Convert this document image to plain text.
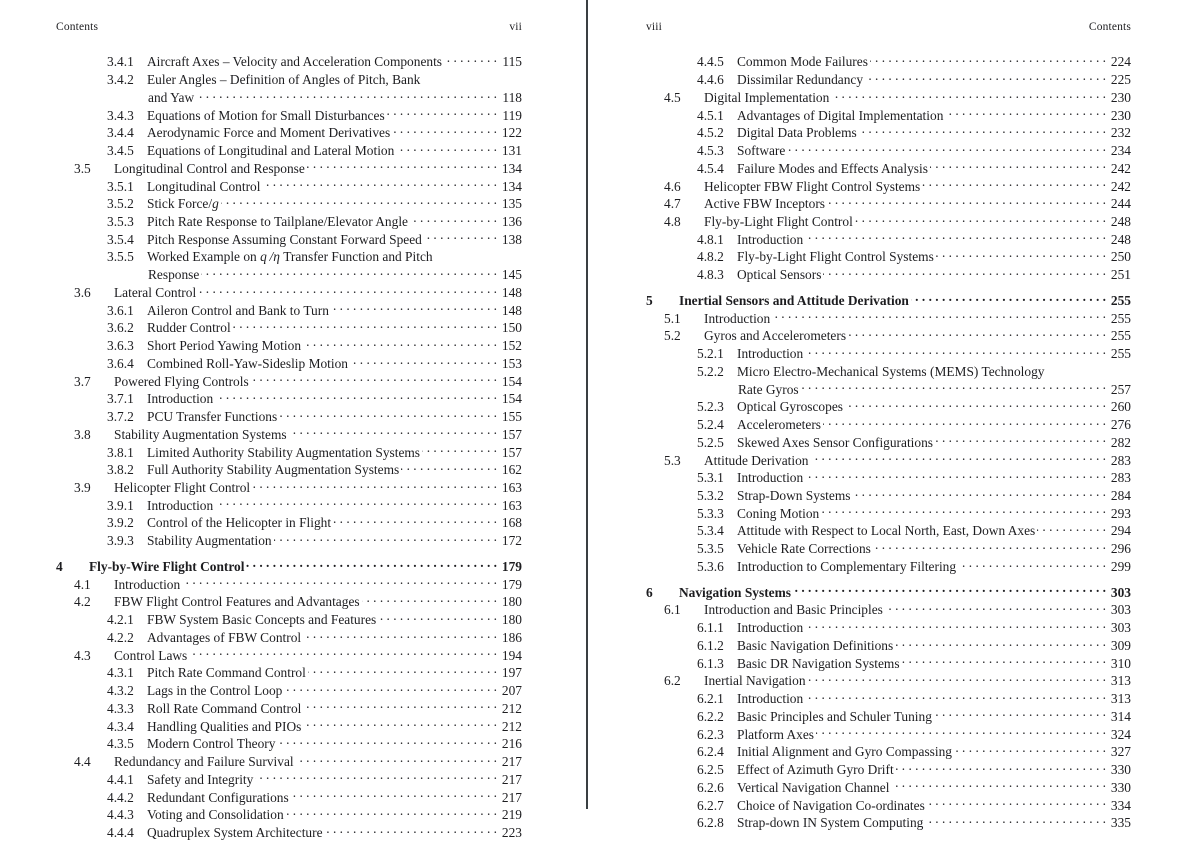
Contents	vii
3.4.1 Aircraft Axes – Velocity and Acceleration Components . . .	115
3.4.2 Euler Angles – Definition of Angles of Pitch, Bank
and Yaw . . .	118
3.4.3 Equations of Motion for Small Disturbances . . .	119
3.4.4 Aerodynamic Force and Moment Derivatives . . .	122
3.4.5 Equations of Longitudinal and Lateral Motion . . .	131
3.5	Longitudinal Control and Response . . .	134
3.5.1 Longitudinal Control . . .	134
3.5.2 Stick Force/g . . .	135
3.5.3 Pitch Rate Response to Tailplane/Elevator Angle . . .	136
3.5.4 Pitch Response Assuming Constant Forward Speed . . .	138
3.5.5 Worked Example on q /η Transfer Function and Pitch
Response . . .	145
3.6	Lateral Control . . .	148
3.6.1 Aileron Control and Bank to Turn . . .	148
3.6.2 Rudder Control . . .	150
3.6.3 Short Period Yawing Motion . . .	152
3.6.4 Combined Roll-Yaw-Sideslip Motion . . .	153
3.7	Powered Flying Controls . . .	154
3.7.1 Introduction . . .	154
3.7.2 PCU Transfer Functions . . .	155
3.8	Stability Augmentation Systems . . .	157
3.8.1 Limited Authority Stability Augmentation Systems . . .	157
3.8.2 Full Authority Stability Augmentation Systems . . .	162
3.9	Helicopter Flight Control . . .	163
3.9.1 Introduction . . .	163
3.9.2 Control of the Helicopter in Flight . . .	168
3.9.3 Stability Augmentation . . .	172
4	Fly-by-Wire Flight Control . . .	179
4.1	Introduction . . .	179
4.2	FBW Flight Control Features and Advantages . . .	180
4.2.1 FBW System Basic Concepts and Features . . .	180
4.2.2 Advantages of FBW Control . . .	186
4.3	Control Laws . . .	194
4.3.1 Pitch Rate Command Control . . .	197
4.3.2 Lags in the Control Loop . . .	207
4.3.3 Roll Rate Command Control . . .	212
4.3.4 Handling Qualities and PIOs . . .	212
4.3.5 Modern Control Theory . . .	216
4.4	Redundancy and Failure Survival . . .	217
4.4.1 Safety and Integrity . . .	217
4.4.2 Redundant Configurations . . .	217
4.4.3 Voting and Consolidation . . .	219
4.4.4 Quadruplex System Architecture . . .	223
viii	Contents
4.4.5 Common Mode Failures . . .	224
4.4.6 Dissimilar Redundancy . . .	225
4.5	Digital Implementation . . .	230
4.5.1 Advantages of Digital Implementation . . .	230
4.5.2 Digital Data Problems . . .	232
4.5.3 Software . . .	234
4.5.4 Failure Modes and Effects Analysis . . .	242
4.6	Helicopter FBW Flight Control Systems . . .	242
4.7	Active FBW Inceptors . . .	244
4.8	Fly-by-Light Flight Control . . .	248
4.8.1 Introduction . . .	248
4.8.2 Fly-by-Light Flight Control Systems . . .	250
4.8.3 Optical Sensors . . .	251
5	Inertial Sensors and Attitude Derivation . . .	255
5.1	Introduction . . .	255
5.2	Gyros and Accelerometers . . .	255
5.2.1 Introduction . . .	255
5.2.2 Micro Electro-Mechanical Systems (MEMS) Technology
Rate Gyros . . .	257
5.2.3 Optical Gyroscopes . . .	260
5.2.4 Accelerometers . . .	276
5.2.5 Skewed Axes Sensor Configurations . . .	282
5.3	Attitude Derivation . . .	283
5.3.1 Introduction . . .	283
5.3.2 Strap-Down Systems . . .	284
5.3.3 Coning Motion . . .	293
5.3.4 Attitude with Respect to Local North, East, Down Axes . . .	294
5.3.5 Vehicle Rate Corrections . . .	296
5.3.6 Introduction to Complementary Filtering . . .	299
6	Navigation Systems . . .	303
6.1	Introduction and Basic Principles . . .	303
6.1.1 Introduction . . .	303
6.1.2 Basic Navigation Definitions . . .	309
6.1.3 Basic DR Navigation Systems . . .	310
6.2	Inertial Navigation . . .	313
6.2.1 Introduction . . .	313
6.2.2 Basic Principles and Schuler Tuning . . .	314
6.2.3 Platform Axes . . .	324
6.2.4 Initial Alignment and Gyro Compassing . . .	327
6.2.5 Effect of Azimuth Gyro Drift . . .	330
6.2.6 Vertical Navigation Channel . . .	330
6.2.7 Choice of Navigation Co-ordinates . . .	334
6.2.8 Strap-down IN System Computing . . .	335
